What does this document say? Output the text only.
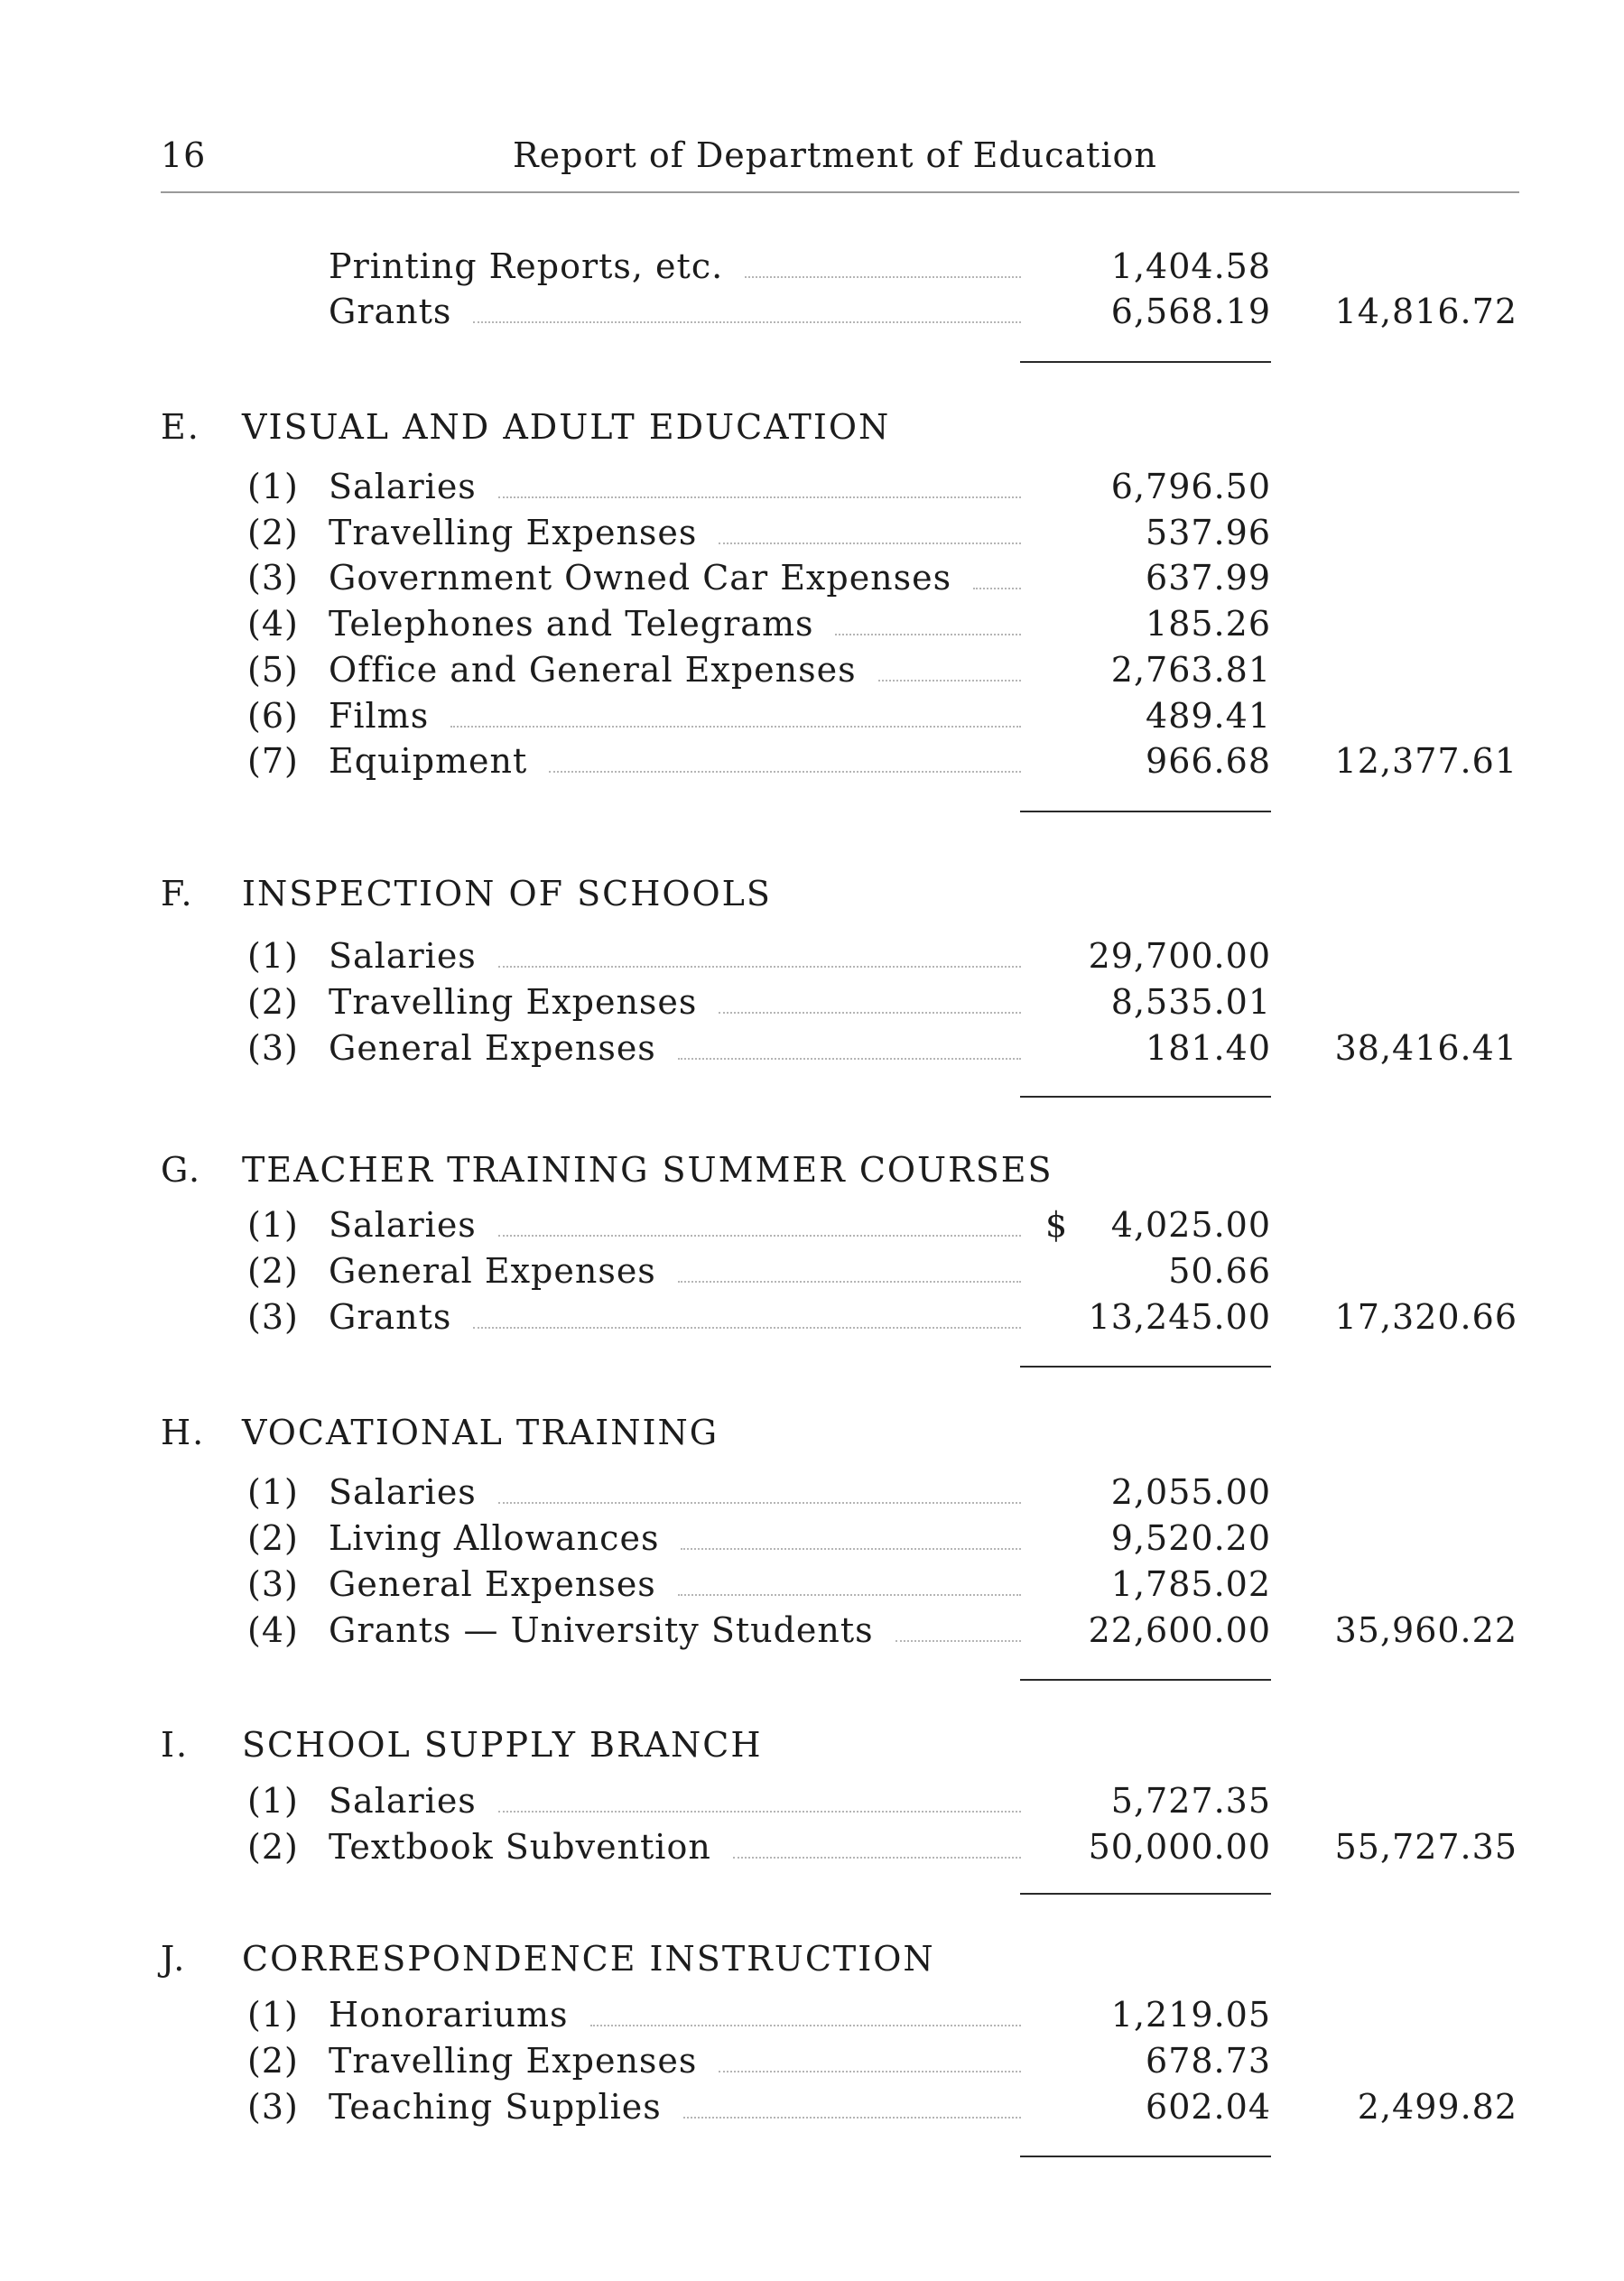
16	Report of Department of Education
Printing Reports, etc.	1,404.58
Grants	6,568.19 14,816.72
E. VISUAL AND ADULT EDUCATION
(1) Salaries	6,796.50
(2) Travelling Expenses	537.96
(3) Government Owned Car Expenses	637.99
(4) Telephones and Telegrams	185.26
(5) Office and General Expenses	2,763.81
(6) Films	489.41
(7) Equipment	966.68 12,377.61
F. INSPECTION OF SCHOOLS
(1) Salaries	29,700.00
(2) Travelling Expenses	8,535.01
(3) General Expenses	181.40 38,416.41
G. TEACHER TRAINING SUMMER COURSES
(1) Salaries	$ 4,025.00
(2) General Expenses	50.66
(3) Grants	13,245.00 17,320.66
H. VOCATIONAL TRAINING
(1) Salaries	2,055.00
(2) Living Allowances	9,520.20
(3) General Expenses	1,785.02
(4) Grants — University Students	22,600.00 35,960.22
I. SCHOOL SUPPLY BRANCH
(1) Salaries	5,727.35
(2) Textbook Subvention	50,000.00 55,727.35
J. CORRESPONDENCE INSTRUCTION
(1) Honorariums	1,219.05
(2) Travelling Expenses	678.73
(3) Teaching Supplies	602.04	2,499.82
